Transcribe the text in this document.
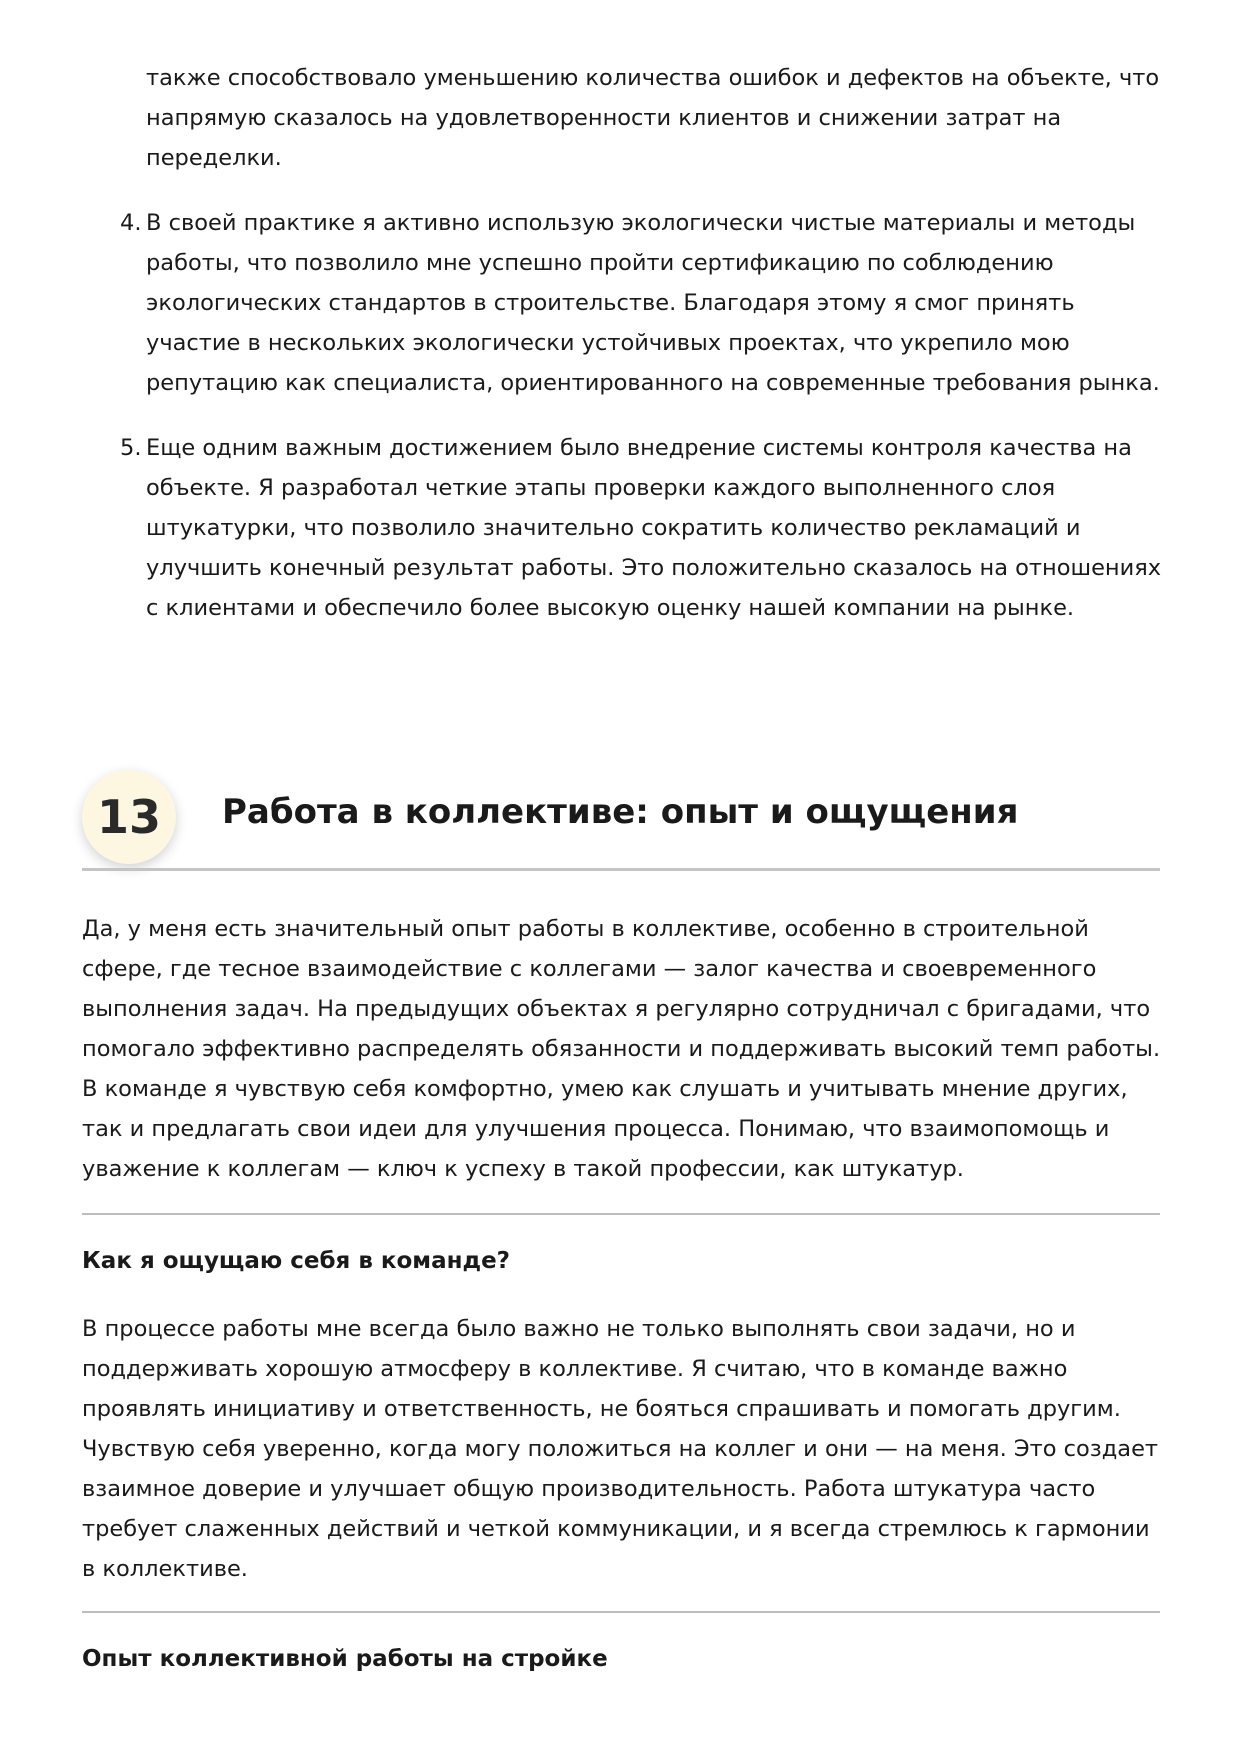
также способствовало уменьшению количества ошибок и дефектов на объекте, что напрямую сказалось на удовлетворенности клиентов и снижении затрат на переделки.
4. В своей практике я активно использую экологически чистые материалы и методы работы, что позволило мне успешно пройти сертификацию по соблюдению экологических стандартов в строительстве. Благодаря этому я смог принять участие в нескольких экологически устойчивых проектах, что укрепило мою репутацию как специалиста, ориентированного на современные требования рынка.
5. Еще одним важным достижением было внедрение системы контроля качества на объекте. Я разработал четкие этапы проверки каждого выполненного слоя штукатурки, что позволило значительно сократить количество рекламаций и улучшить конечный результат работы. Это положительно сказалось на отношениях с клиентами и обеспечило более высокую оценку нашей компании на рынке.
13	Работа в коллективе: опыт и ощущения

Да, у меня есть значительный опыт работы в коллективе, особенно в строительной сфере, где тесное взаимодействие с коллегами — залог качества и своевременного выполнения задач. На предыдущих объектах я регулярно сотрудничал с бригадами, что помогало эффективно распределять обязанности и поддерживать высокий темп работы. В команде я чувствую себя комфортно, умею как слушать и учитывать мнение других, так и предлагать свои идеи для улучшения процесса. Понимаю, что взаимопомощь и уважение к коллегам — ключ к успеху в такой профессии, как штукатур.

Как я ощущаю себя в команде?

В процессе работы мне всегда было важно не только выполнять свои задачи, но и поддерживать хорошую атмосферу в коллективе. Я считаю, что в команде важно проявлять инициативу и ответственность, не бояться спрашивать и помогать другим. Чувствую себя уверенно, когда могу положиться на коллег и они — на меня. Это создает взаимное доверие и улучшает общую производительность. Работа штукатура часто требует слаженных действий и четкой коммуникации, и я всегда стремлюсь к гармонии в коллективе.

Опыт коллективной работы на стройке
